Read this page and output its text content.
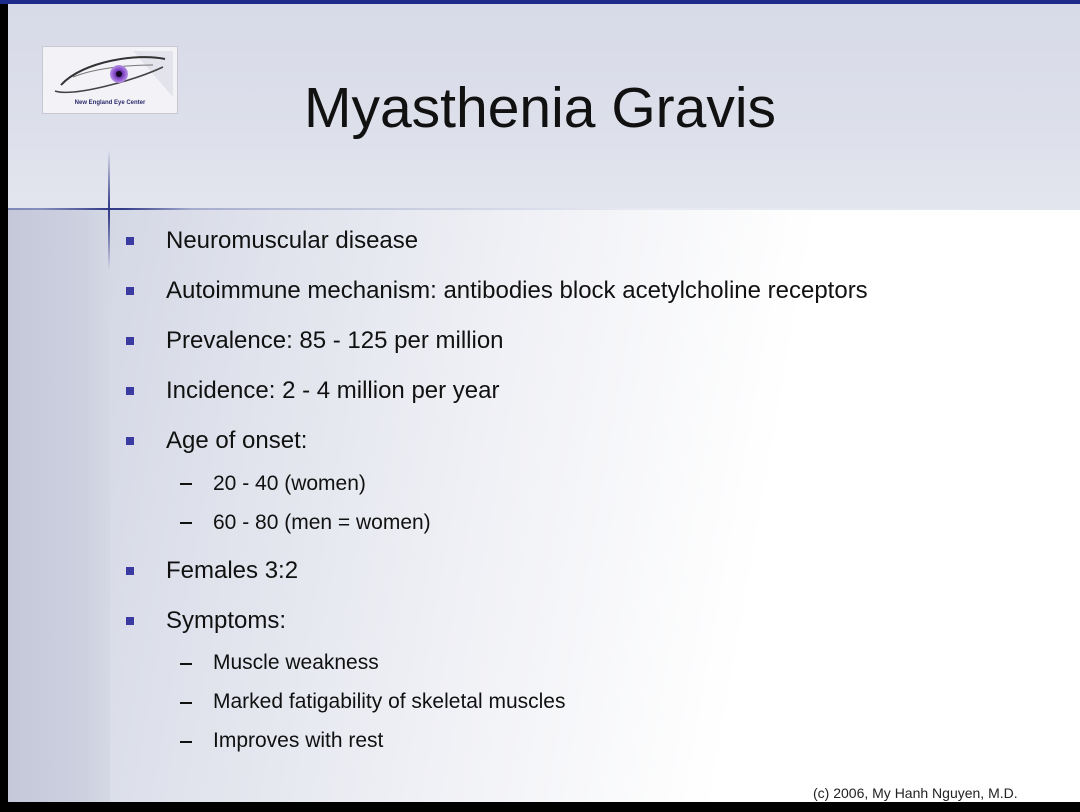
New England Eye Center	Myasthenia Gravis
Neuromuscular disease
Autoimmune mechanism: antibodies block acetylcholine receptors
Prevalence: 85 - 125 per million
Incidence: 2 - 4 million per year
Age of onset:
20 - 40 (women)
60 - 80 (men = women)
Females 3:2
Symptoms:
Muscle weakness
Marked fatigability of skeletal muscles
Improves with rest
(c) 2006, My Hanh Nguyen, M.D.
